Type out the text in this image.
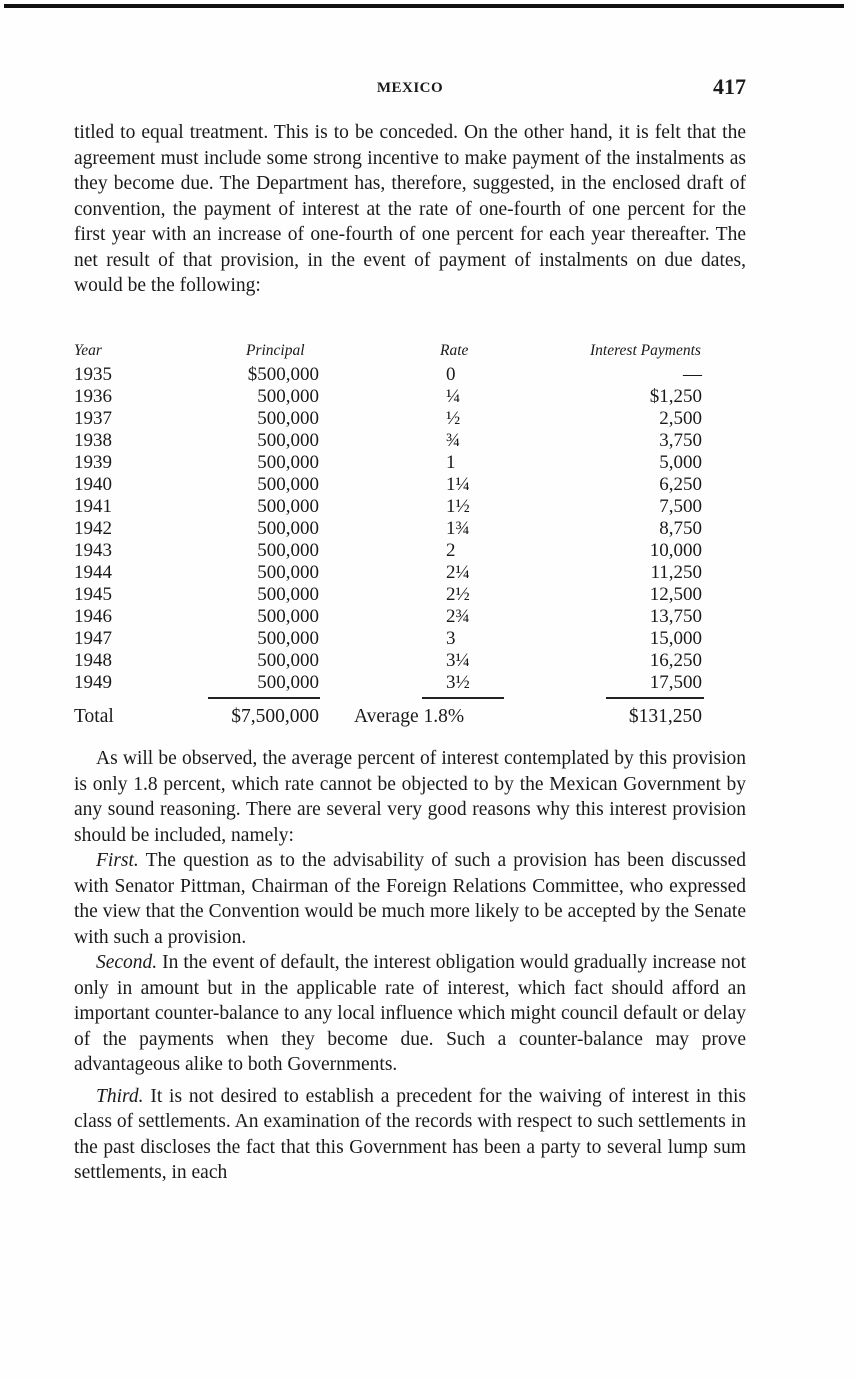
MEXICO	417

titled to equal treatment. This is to be conceded. On the other hand, it is felt that the agreement must include some strong incentive to make payment of the instalments as they become due. The Department has, therefore, suggested, in the enclosed draft of convention, the payment of interest at the rate of one-fourth of one percent for the first year with an increase of one-fourth of one percent for each year thereafter. The net result of that provision, in the event of payment of instalments on due dates, would be the following:

Year	Principal	Rate	Interest Payments
1935	$500,000	0	—
1936	500,000	¼	$1,250
1937	500,000	½	2,500
1938	500,000	¾	3,750
1939	500,000	1	5,000
1940	500,000	1¼	6,250
1941	500,000	1½	7,500
1942	500,000	1¾	8,750
1943	500,000	2	10,000
1944	500,000	2¼	11,250
1945	500,000	2½	12,500
1946	500,000	2¾	13,750
1947	500,000	3	15,000
1948	500,000	3¼	16,250
1949	500,000	3½	17,500
Total	$7,500,000 Average 1.8%	$131,250

As will be observed, the average percent of interest contemplated by this provision is only 1.8 percent, which rate cannot be objected to by the Mexican Government by any sound reasoning. There are several very good reasons why this interest provision should be included, namely:

First. The question as to the advisability of such a provision has been discussed with Senator Pittman, Chairman of the Foreign Relations Committee, who expressed the view that the Convention would be much more likely to be accepted by the Senate with such a provision.

Second. In the event of default, the interest obligation would gradually increase not only in amount but in the applicable rate of interest, which fact should afford an important counter-balance to any local influence which might council default or delay of the payments when they become due. Such a counter-balance may prove advantageous alike to both Governments.

Third. It is not desired to establish a precedent for the waiving of interest in this class of settlements. An examination of the records with respect to such settlements in the past discloses the fact that this Government has been a party to several lump sum settlements, in each
